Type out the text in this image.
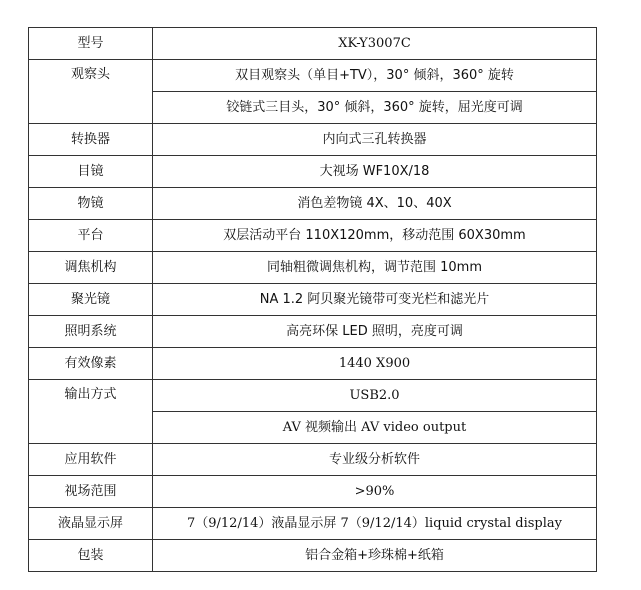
型号	XK-Y3007C
观察头	双目观察头（单目+TV），30° 倾斜，360° 旋转
	铰链式三目头，30° 倾斜，360° 旋转，屈光度可调
转换器	内向式三孔转换器
目镜	大视场 WF10X/18
物镜	消色差物镜 4X、10、40X
平台	双层活动平台 110X120mm，移动范围 60X30mm
调焦机构	同轴粗微调焦机构，调节范围 10mm
聚光镜	NA 1.2 阿贝聚光镜带可变光栏和滤光片
照明系统	高亮环保 LED 照明，亮度可调
有效像素	1440 X900
输出方式	USB2.0
	AV 视频输出 AV video output
应用软件	专业级分析软件
视场范围	>90%
液晶显示屏	7（9/12/14）液晶显示屏 7（9/12/14）liquid crystal display
包装	铝合金箱+珍珠棉+纸箱
